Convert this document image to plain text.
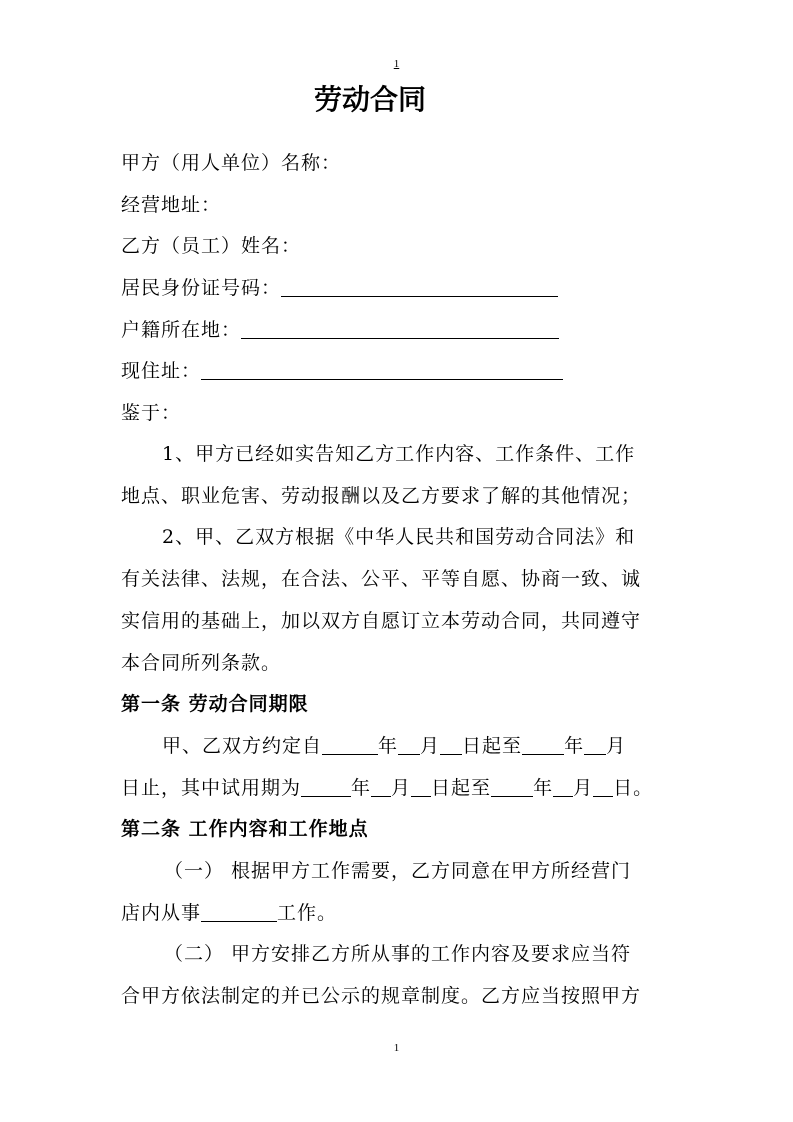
1
劳动合同
甲方（用人单位）名称：
经营地址：
乙方（员工）姓名：
居民身份证号码：
户籍所在地：
现住址：
鉴于：
1、甲方已经如实告知乙方工作内容、工作条件、工作
地点、职业危害、劳动报酬以及乙方要求了解的其他情况；
2、甲、乙双方根据《中华人民共和国劳动合同法》和
有关法律、法规，在合法、公平、平等自愿、协商一致、诚
实信用的基础上，加以双方自愿订立本劳动合同，共同遵守
本合同所列条款。
第一条 劳动合同期限
甲、乙双方约定自	年 月 日起至 年 月
日止，其中试用期为	年 月 日起至 年 月 日。
第二条 工作内容和工作地点
（一） 根据甲方工作需要，乙方同意在甲方所经营门
店内从事	工作。
（二） 甲方安排乙方所从事的工作内容及要求应当符
合甲方依法制定的并已公示的规章制度。乙方应当按照甲方
1
